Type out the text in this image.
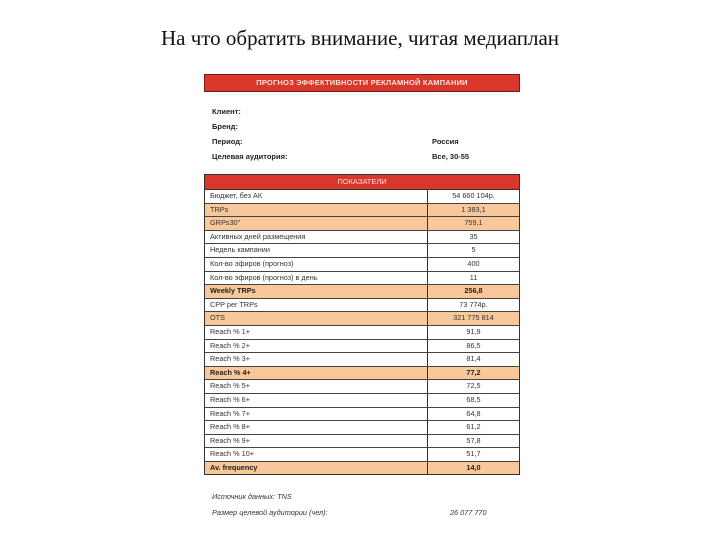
На что обратить внимание, читая медиаплан
ПРОГНОЗ ЭФФЕКТИВНОСТИ РЕКЛАМНОЙ КАМПАНИИ
Клиент:
Бренд:
Период:	Россия
Целевая аудитория:	Все, 30-55
ПОКАЗАТЕЛИ
Бюджет, без АК	54 660 104р.
TRPs	1 383,1
GRPs30"	759,1
Активных дней размещения	35
Недель кампании	5
Кол-во эфиров (прогноз)	400
Кол-во эфиров (прогноз) в день	11
Weekly TRPs	256,8
CPP per TRPs	73 774р.
OTS	321 775 814
Reach % 1+	91,9
Reach % 2+	86,5
Reach % 3+	81,4
Reach % 4+	77,2
Reach % 5+	72,5
Reach % 6+	68,5
Reach % 7+	64,8
Reach % 8+	61,2
Reach % 9+	57,8
Reach % 10+	51,7
Av. frequency	14,0
Источник данных: TNS
Размер целевой аудитории (чел):	26 077 770
